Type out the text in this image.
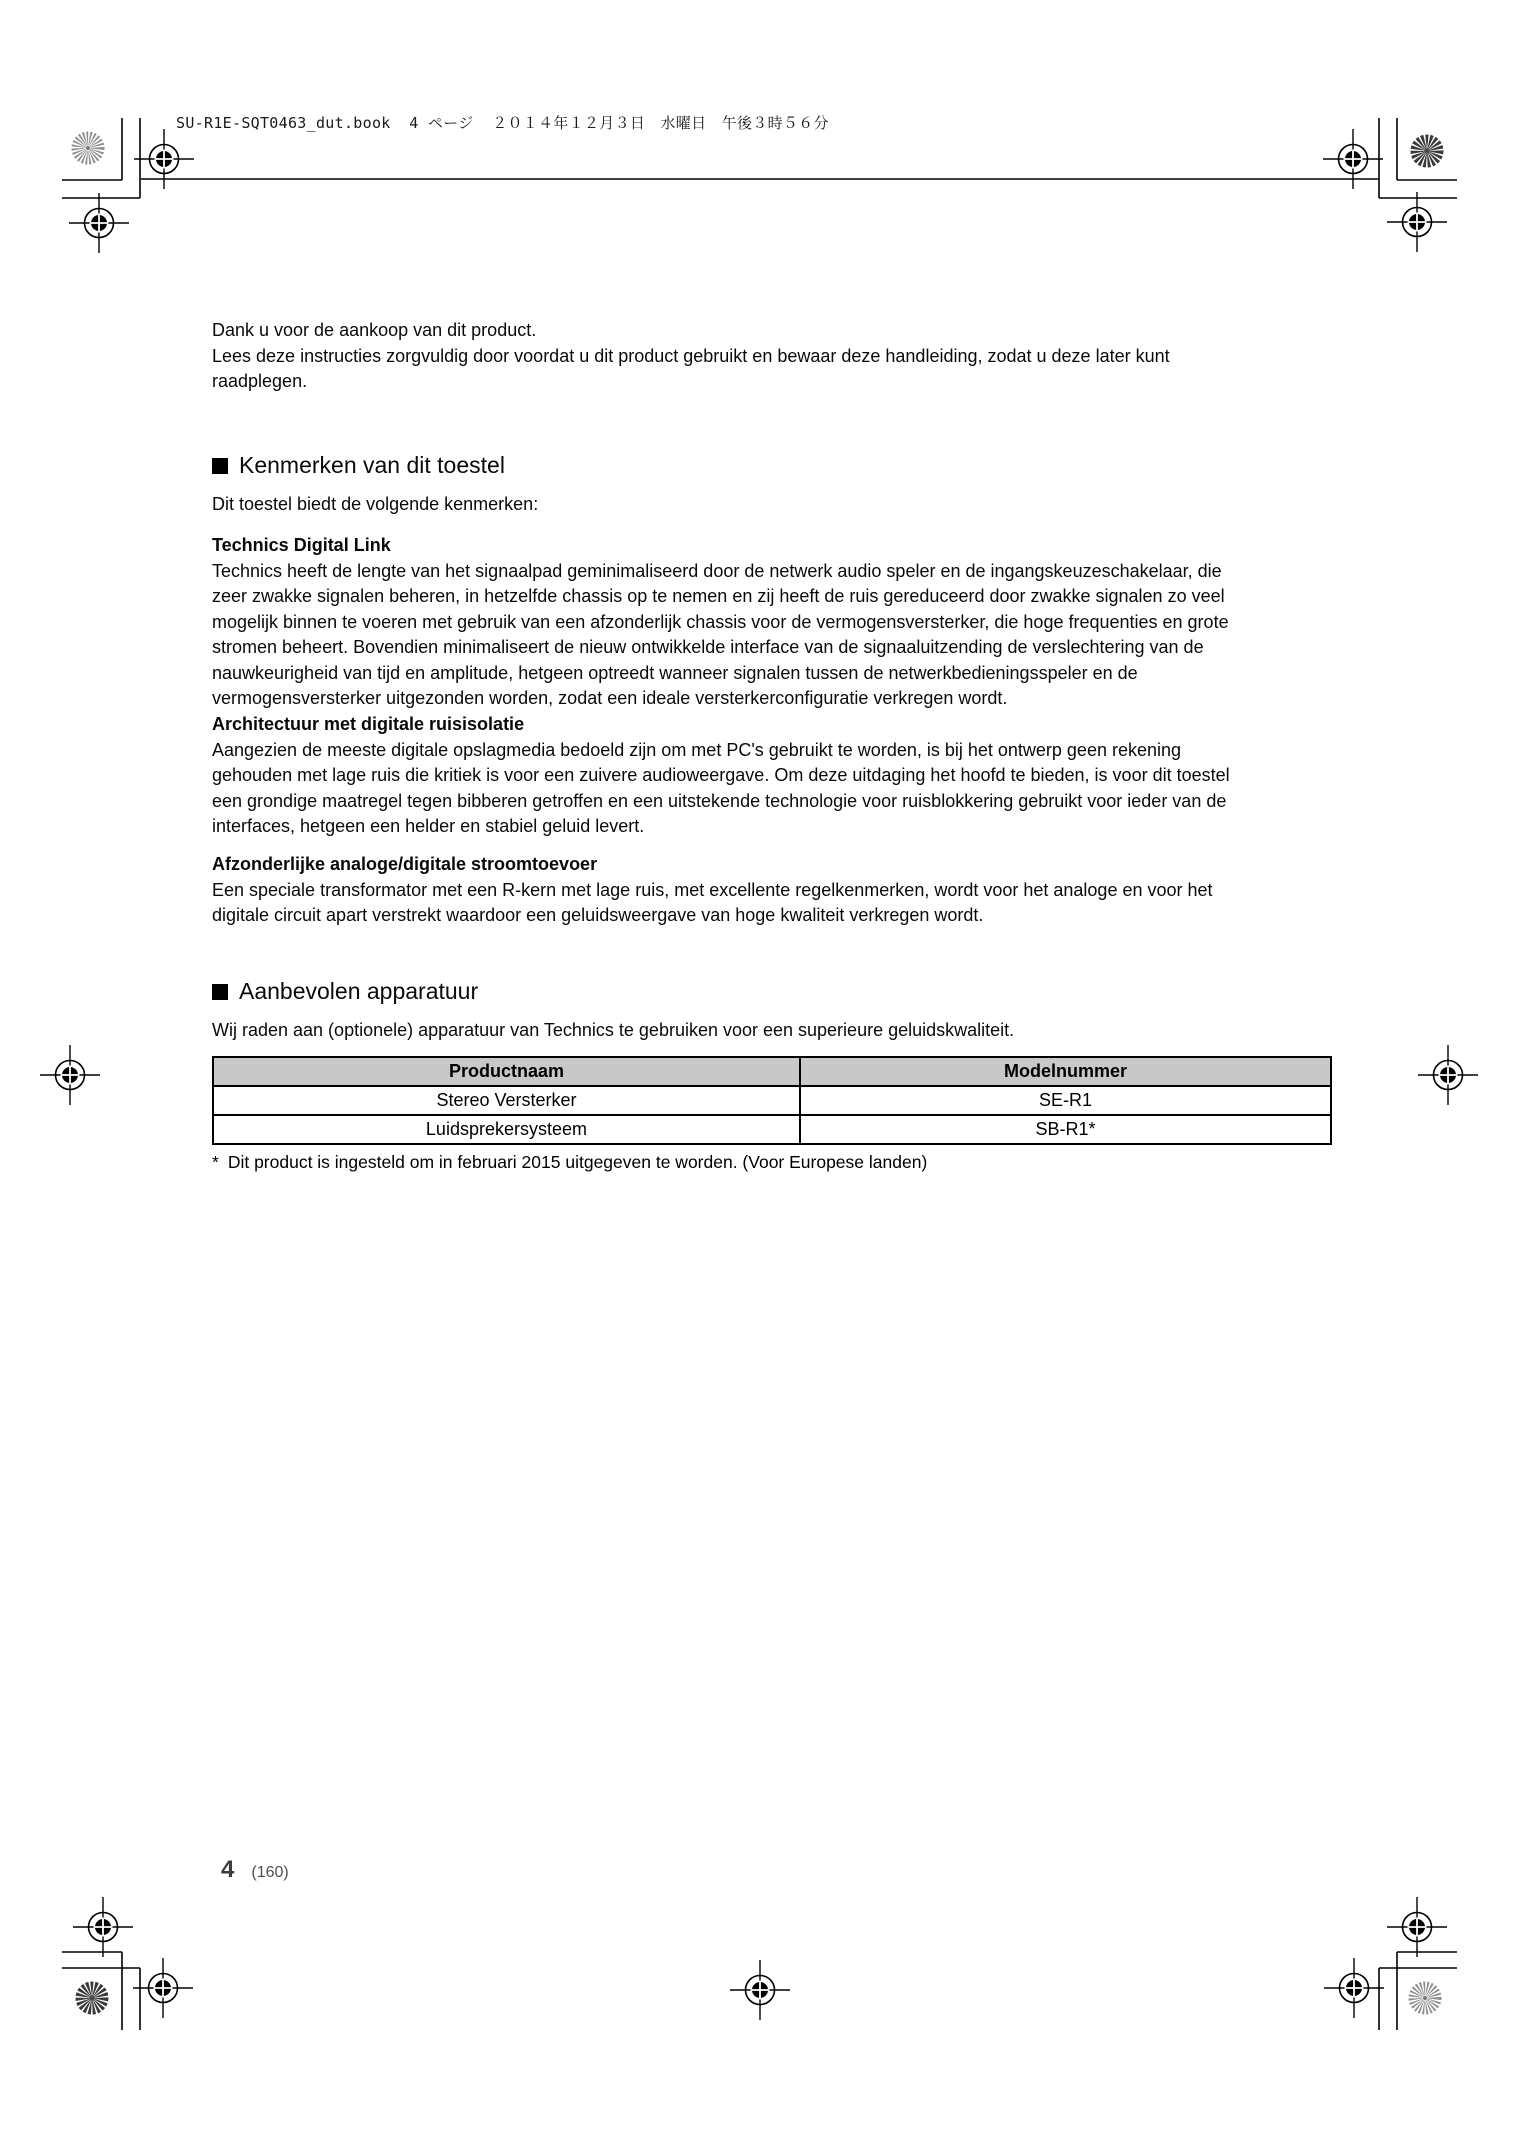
SU-R1E-SQT0463_dut.book  4 ページ  ２０１４年１２月３日　水曜日　午後３時５６分
Dank u voor de aankoop van dit product.
Lees deze instructies zorgvuldig door voordat u dit product gebruikt en bewaar deze handleiding, zodat u deze later kunt
raadplegen.
Kenmerken van dit toestel
Dit toestel biedt de volgende kenmerken:
Technics Digital Link
Technics heeft de lengte van het signaalpad geminimaliseerd door de netwerk audio speler en de ingangskeuzeschakelaar, die
zeer zwakke signalen beheren, in hetzelfde chassis op te nemen en zij heeft de ruis gereduceerd door zwakke signalen zo veel
mogelijk binnen te voeren met gebruik van een afzonderlijk chassis voor de vermogensversterker, die hoge frequenties en grote
stromen beheert. Bovendien minimaliseert de nieuw ontwikkelde interface van de signaaluitzending de verslechtering van de
nauwkeurigheid van tijd en amplitude, hetgeen optreedt wanneer signalen tussen de netwerkbedieningsspeler en de
vermogensversterker uitgezonden worden, zodat een ideale versterkerconfiguratie verkregen wordt.
Architectuur met digitale ruisisolatie
Aangezien de meeste digitale opslagmedia bedoeld zijn om met PC's gebruikt te worden, is bij het ontwerp geen rekening
gehouden met lage ruis die kritiek is voor een zuivere audioweergave. Om deze uitdaging het hoofd te bieden, is voor dit toestel
een grondige maatregel tegen bibberen getroffen en een uitstekende technologie voor ruisblokkering gebruikt voor ieder van de
interfaces, hetgeen een helder en stabiel geluid levert.
Afzonderlijke analoge/digitale stroomtoevoer
Een speciale transformator met een R-kern met lage ruis, met excellente regelkenmerken, wordt voor het analoge en voor het
digitale circuit apart verstrekt waardoor een geluidsweergave van hoge kwaliteit verkregen wordt.
Aanbevolen apparatuur
Wij raden aan (optionele) apparatuur van Technics te gebruiken voor een superieure geluidskwaliteit.
Productnaam	Modelnummer
Stereo Versterker	SE-R1
Luidsprekersysteem	SB-R1*
* Dit product is ingesteld om in februari 2015 uitgegeven te worden. (Voor Europese landen)
4 (160)
